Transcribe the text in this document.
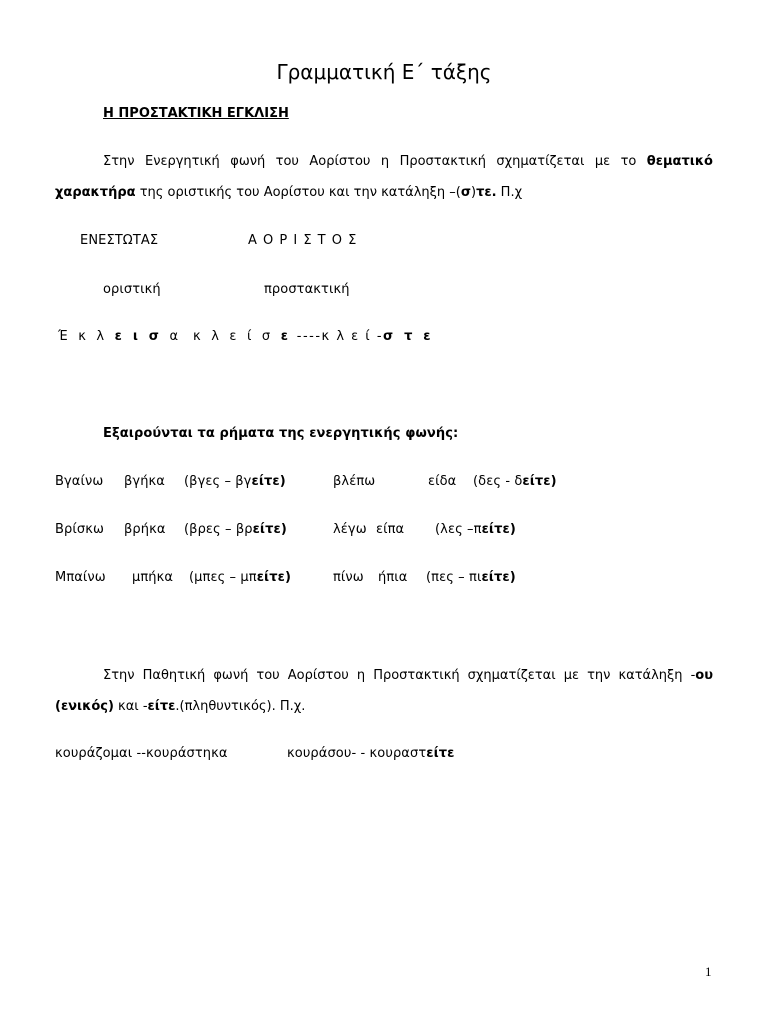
Γραμματική Ε΄ τάξης
Η ΠΡΟΣΤΑΚΤΙΚΗ ΕΓΚΛΙΣΗ
Στην Ενεργητική φωνή του Αορίστου η Προστακτική σχηματίζεται με το θεματικό χαρακτήρα της οριστικής του Αορίστου και την κατάληξη –(σ)τε. Π.χ
ΕΝΕΣΤΩΤΑΣ	Α Ο Ρ Ι Σ Τ Ο Σ
οριστική	προστακτική
Έ κ λ ε ι σ α κ λ ε ί σ ε ----κ λ ε ί -σ τ ε
Εξαιρούνται τα ρήματα της ενεργητικής φωνής:
Βγαίνω βγήκα (βγες – βγείτε)	βλέπω	είδα (δες - δείτε)
Βρίσκω βρήκα (βρες – βρείτε)	λέγω είπα (λες –πείτε)
Μπαίνω μπήκα (μπες – μπείτε)	πίνω ήπια (πες – πιείτε)
Στην Παθητική φωνή του Αορίστου η Προστακτική σχηματίζεται με την κατάληξη -ου (ενικός) και -είτε.(πληθυντικός). Π.χ.
κουράζομαι --κουράστηκα	κουράσου- - κουραστείτε
1
